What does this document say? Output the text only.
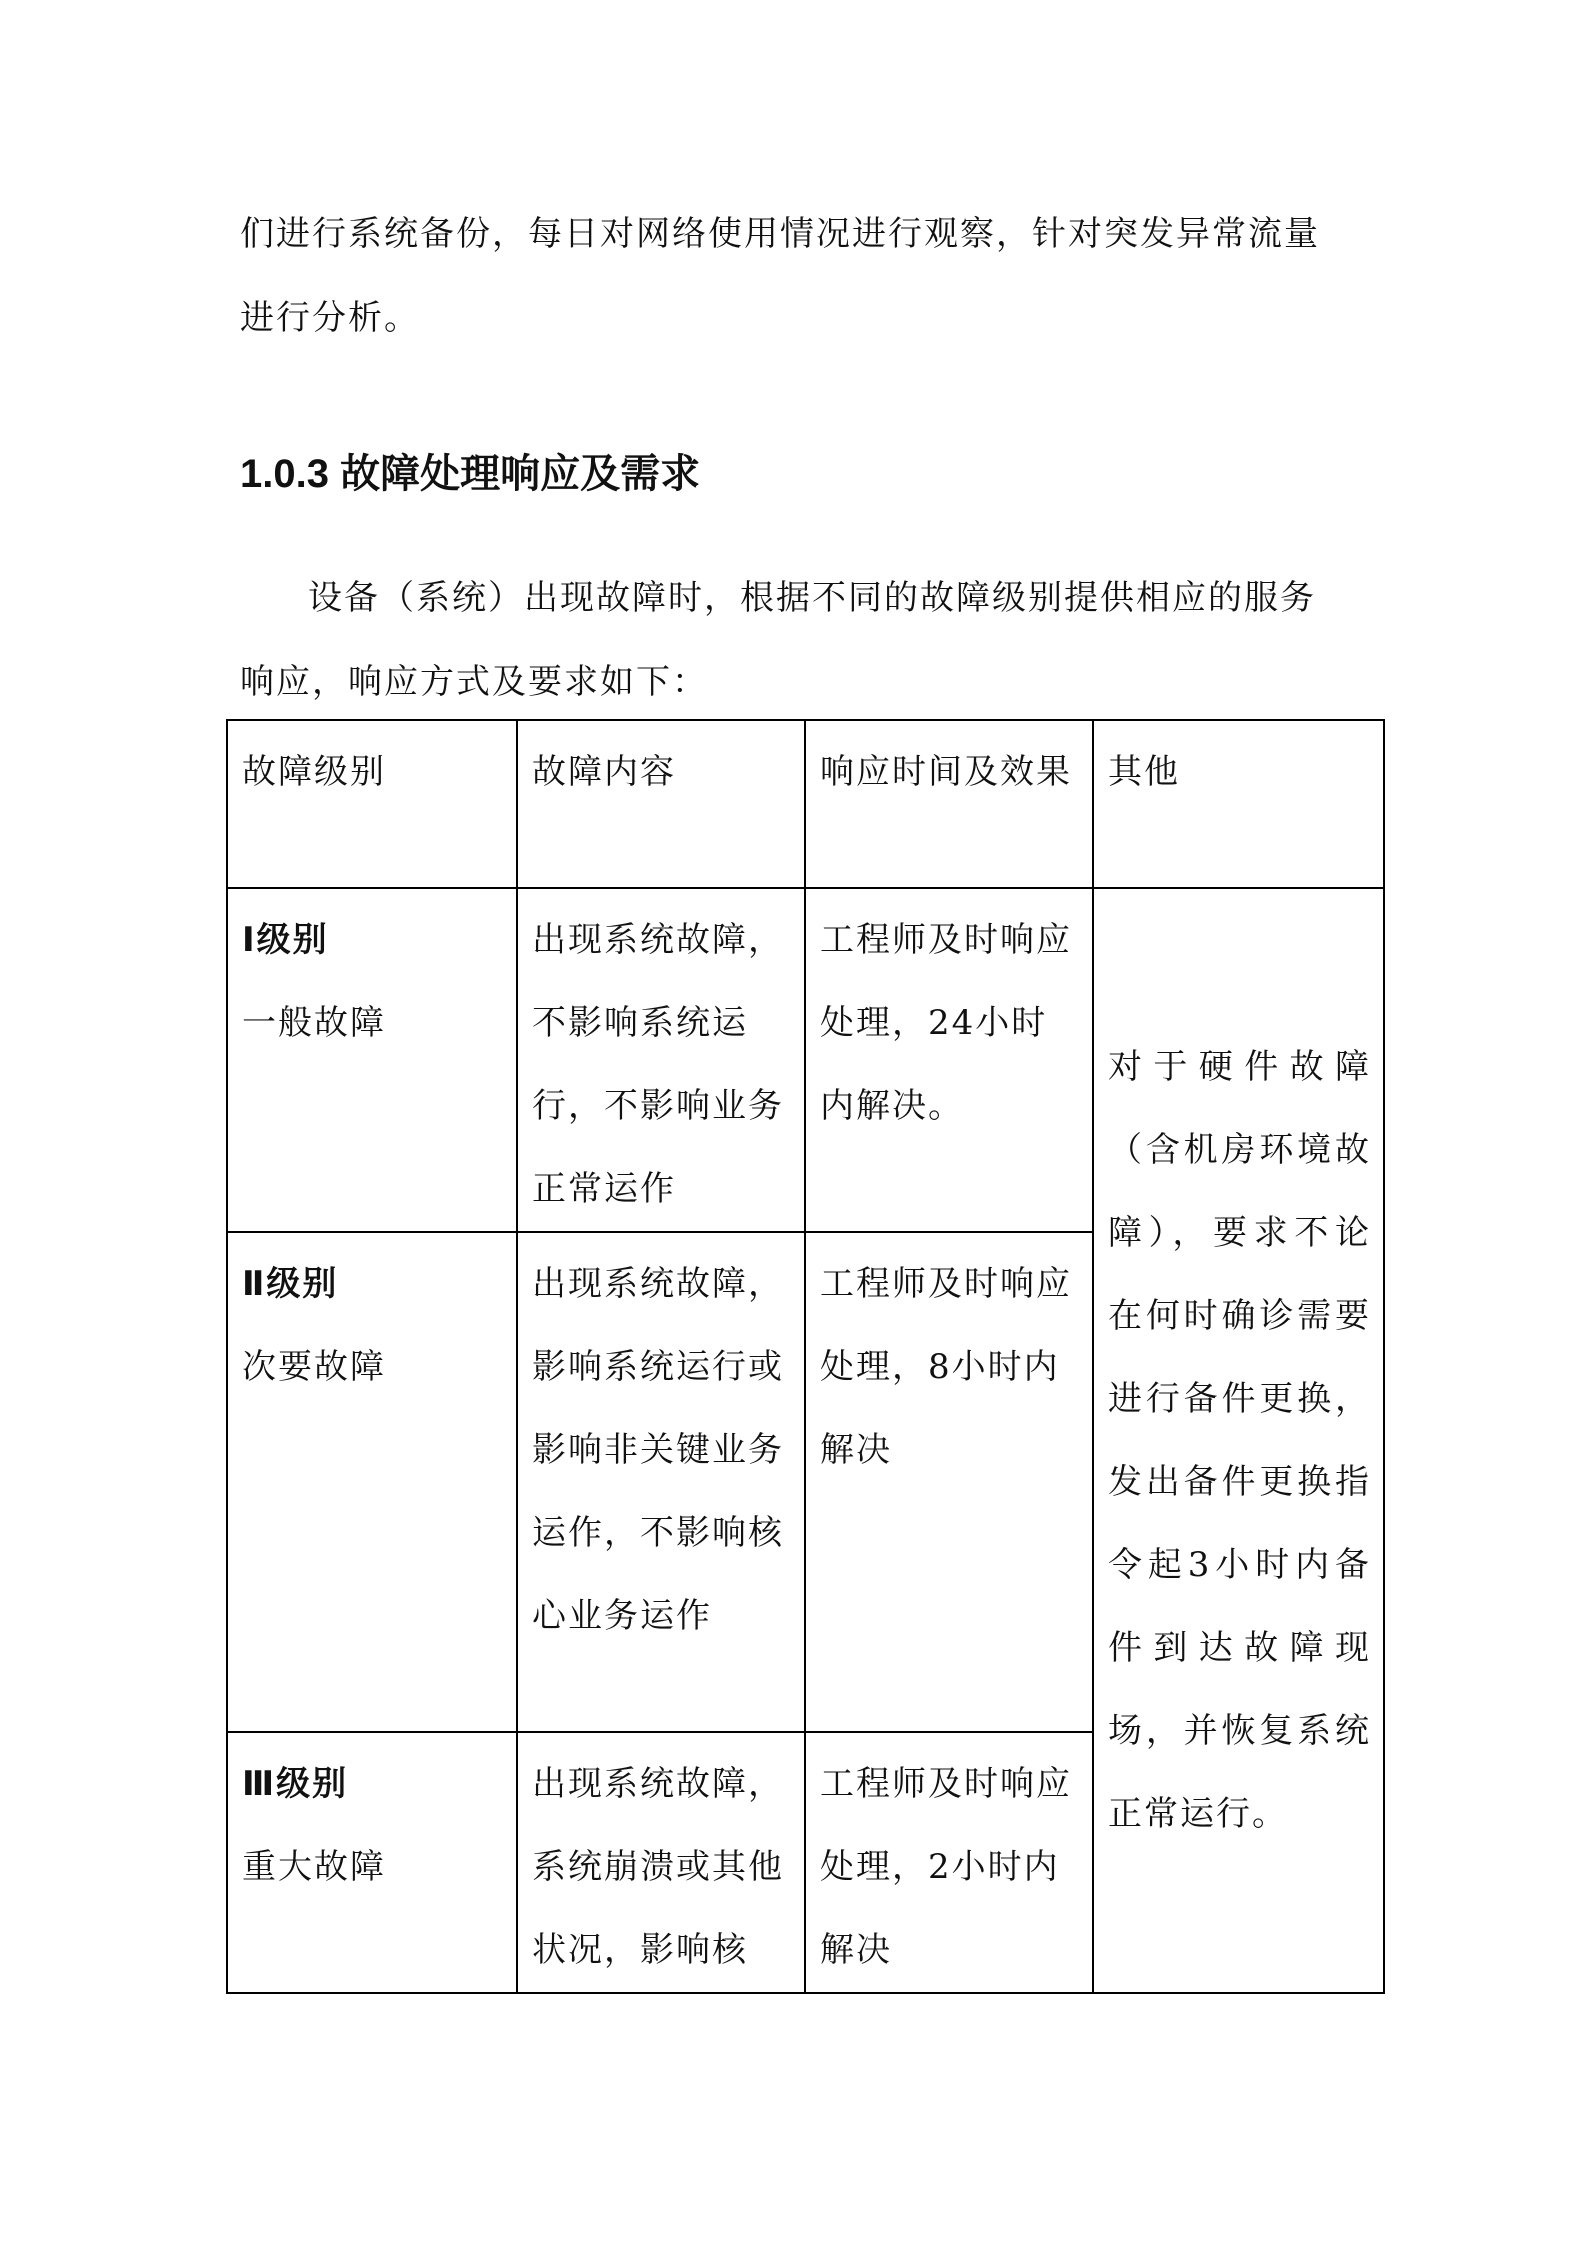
们进行系统备份，每日对网络使用情况进行观察，针对突发异常流量
进行分析。

1.0.3 故障处理响应及需求

设备（系统）出现故障时，根据不同的故障级别提供相应的服务响应，响应方式及要求如下：

故障级别	故障内容	响应时间及效果	其他

Ⅰ级别
一般故障	出现系统故障，不影响系统运行，不影响业务正常运作	工程师及时响应处理，24小时内解决。	对于硬件故障（含机房环境故障），要求不论在何时确诊需要进行备件更换，发出备件更换指令起3小时内备件到达故障现场，并恢复系统正常运行。

Ⅱ级别
次要故障	出现系统故障，影响系统运行或影响非关键业务运作，不影响核心业务运作	工程师及时响应处理，8小时内解决	

Ⅲ级别
重大故障	出现系统故障，系统崩溃或其他状况，影响核	工程师及时响应处理，2小时内解决	
